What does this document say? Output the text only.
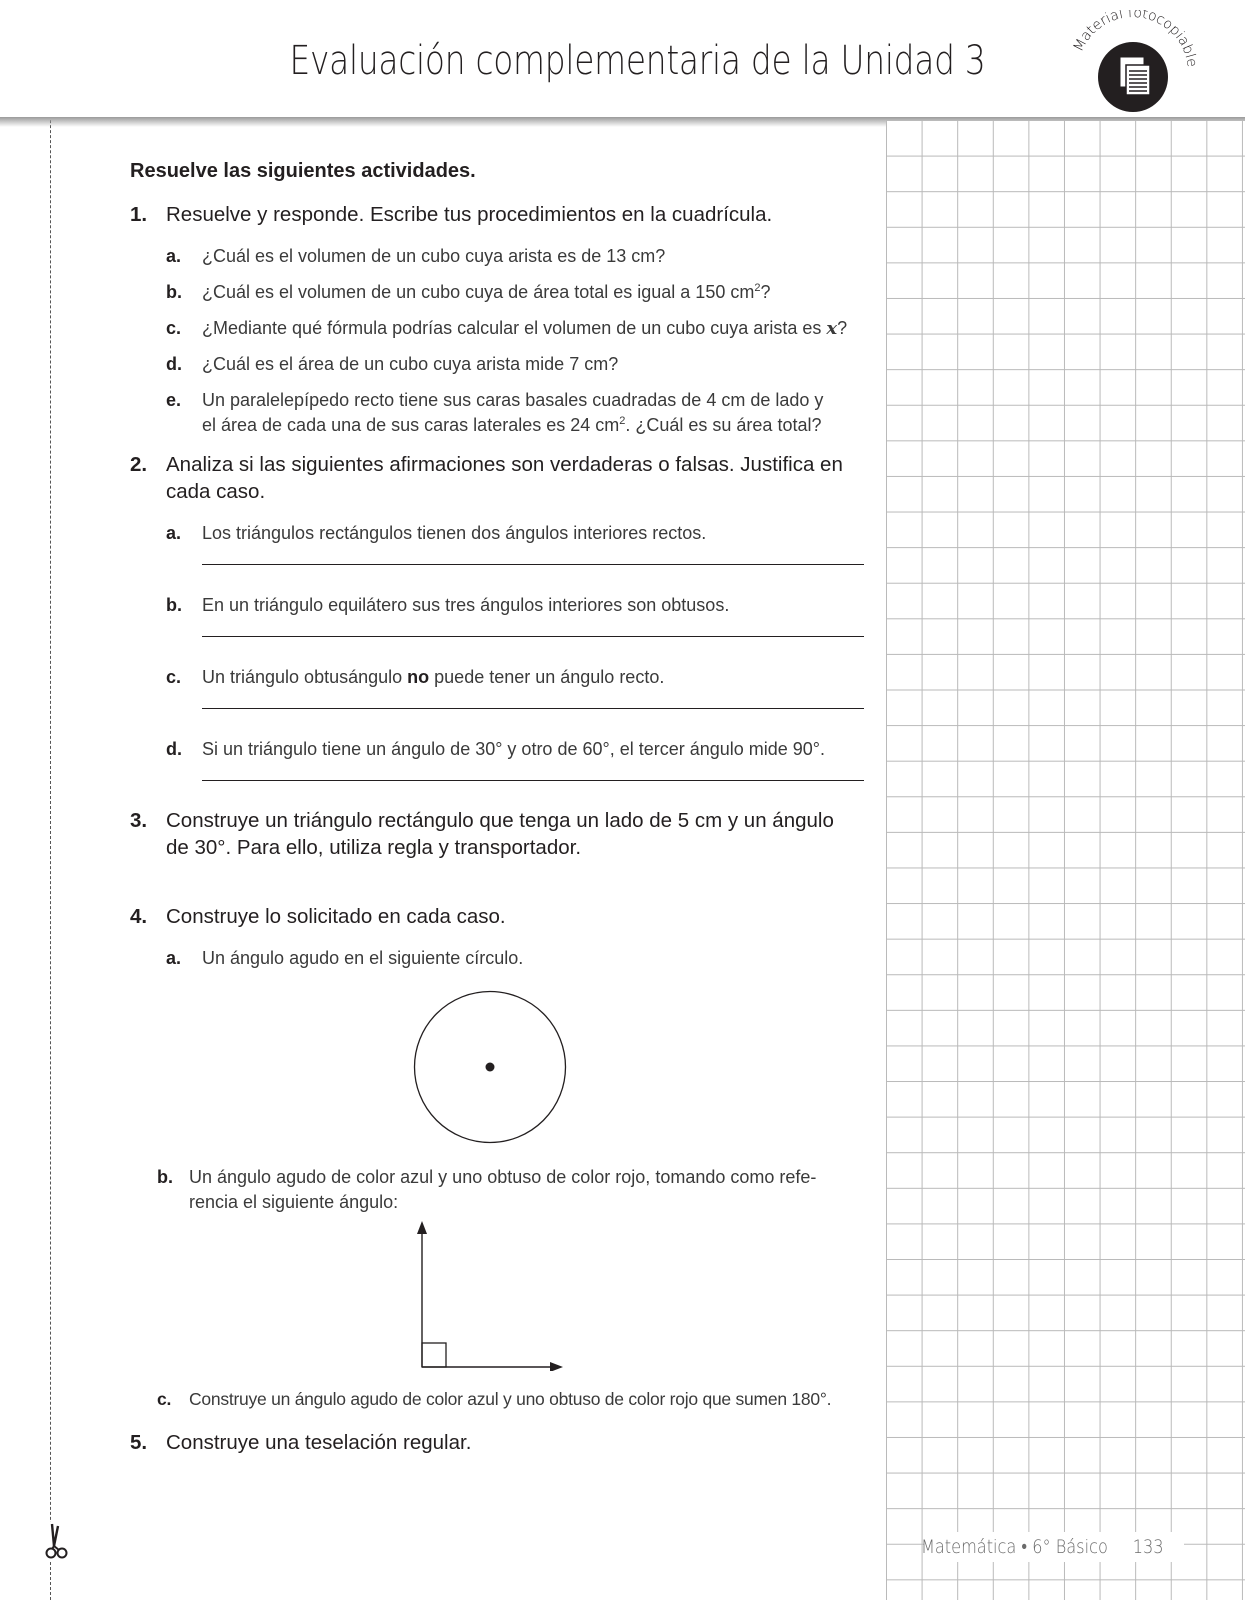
Evaluación complementaria de la Unidad 3	Material fotocopiable
Matemática • 6° Básico 133
Resuelve las siguientes actividades.
1. Resuelve y responde. Escribe tus procedimientos en la cuadrícula.
a. ¿Cuál es el volumen de un cubo cuya arista es de 13 cm?
b. ¿Cuál es el volumen de un cubo cuya de área total es igual a 150 $cm^2$?
c. ¿Mediante qué fórmula podrías calcular el volumen de un cubo cuya arista es x?
d. ¿Cuál es el área de un cubo cuya arista mide 7 cm?
e. Un paralelepípedo recto tiene sus caras basales cuadradas de 4 cm de lado y
el área de cada una de sus caras laterales es 24 $cm^2$. ¿Cuál es su área total?
2. Analiza si las siguientes afirmaciones son verdaderas o falsas. Justifica en
cada caso.
a. Los triángulos rectángulos tienen dos ángulos interiores rectos.
b. En un triángulo equilátero sus tres ángulos interiores son obtusos.
c. Un triángulo obtusángulo no puede tener un ángulo recto.
d. Si un triángulo tiene un ángulo de 30° y otro de 60°, el tercer ángulo mide 90°.
3. Construye un triángulo rectángulo que tenga un lado de 5 cm y un ángulo
de 30°. Para ello, utiliza regla y transportador.
4. Construye lo solicitado en cada caso.
a. Un ángulo agudo en el siguiente círculo.
b. Un ángulo agudo de color azul y uno obtuso de color rojo, tomando como refe-
rencia el siguiente ángulo:
c. Construye un ángulo agudo de color azul y uno obtuso de color rojo que sumen 180°.
5. Construye una teselación regular.
